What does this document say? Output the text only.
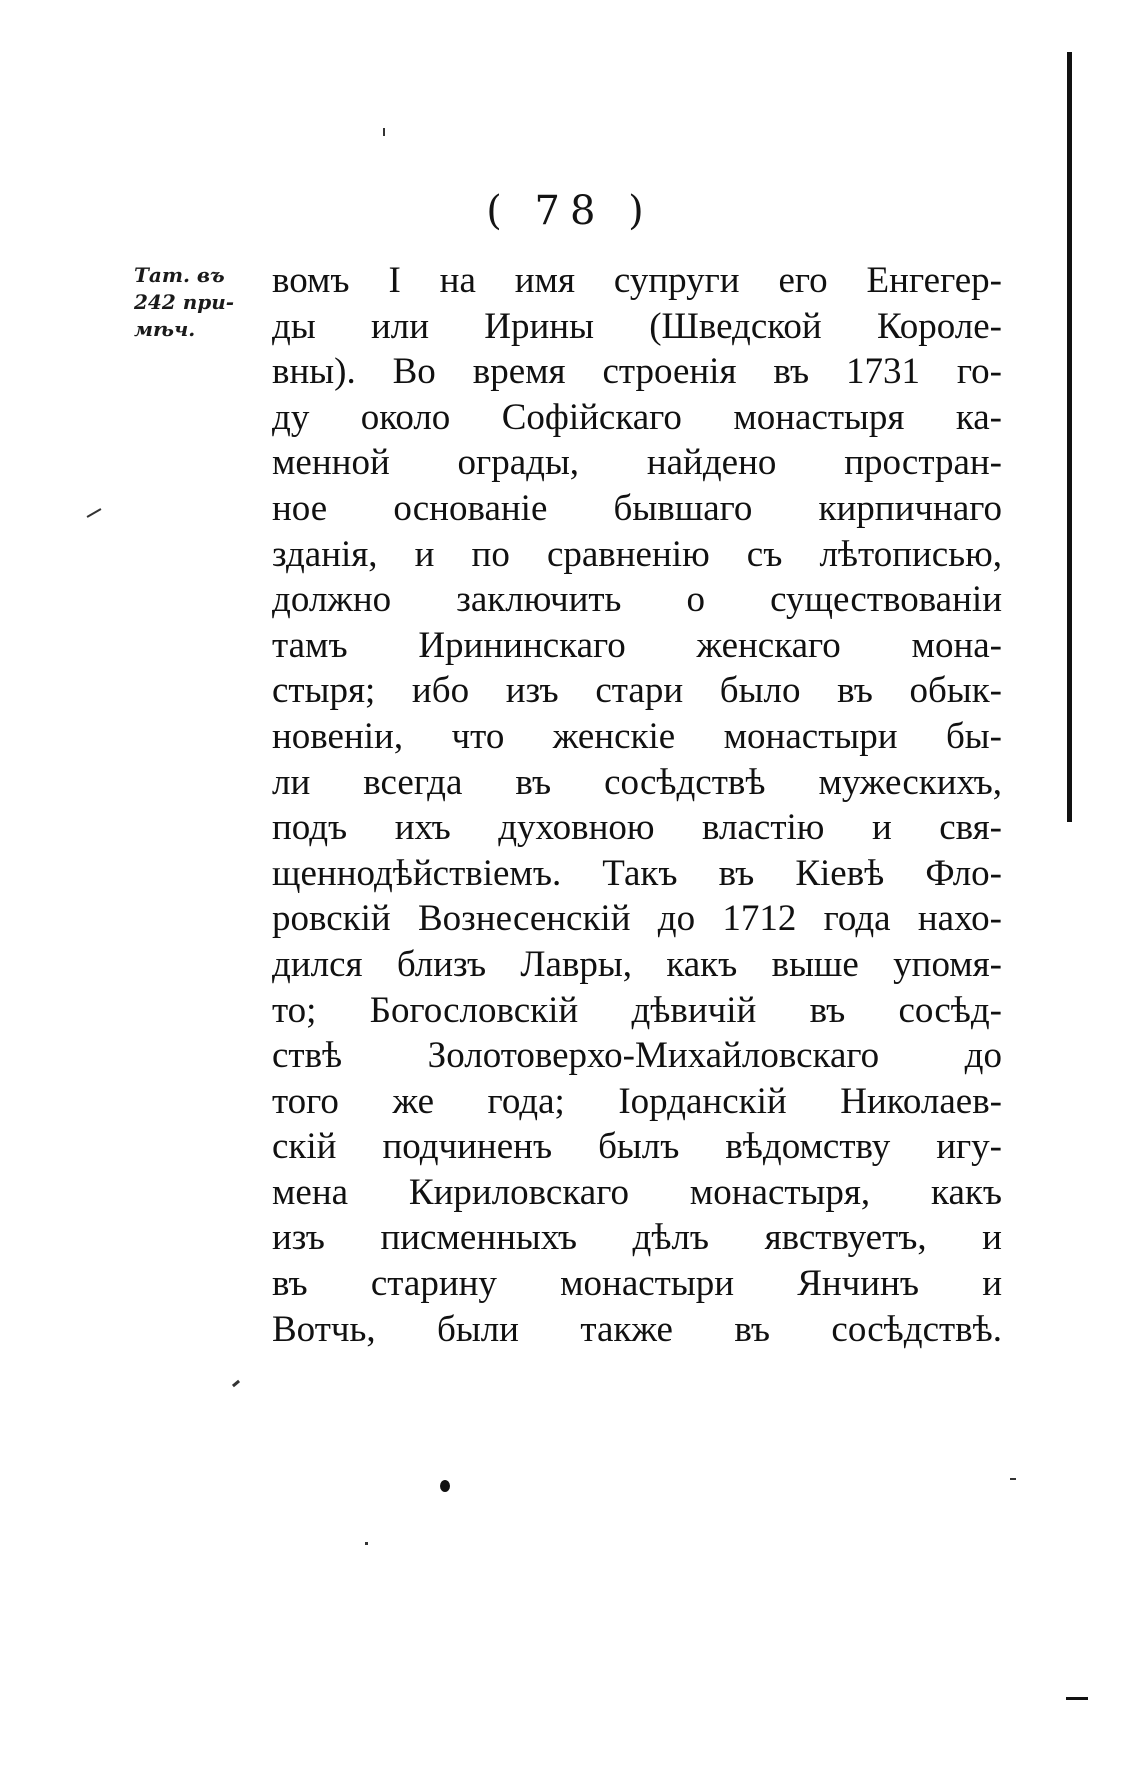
( 78 )
Тат. въ
242 при-
мѣч.
вомъ I на имя супруги его Енгегер-
ды или Ирины (Шведской Короле-
вны). Во время строенія въ 1731 го-
ду около Софійскаго монастыря ка-
менной ограды, найдено простран-
ное основаніе бывшаго кирпичнаго
зданія, и по сравненію съ лѣтописью,
должно заключить о существованіи
тамъ Ирининскаго женскаго мона-
стыря; ибо изъ стари было въ обык-
новеніи, что женскіе монастыри бы-
ли всегда въ сосѣдствѣ мужескихъ,
подъ ихъ духовною властію и свя-
щеннодѣйствіемъ. Такъ въ Кіевѣ Фло-
ровскій Вознесенскій до 1712 года нахо-
дился близъ Лавры, какъ выше упомя-
то; Богословскій дѣвичій въ сосѣд-
ствѣ Золотоверхо-Михайловскаго до
того же года; Іорданскій Николаев-
скій подчиненъ былъ вѣдомству игу-
мена Кириловскаго монастыря, какъ
изъ писменныхъ дѣлъ явствуетъ, и
въ старину монастыри Янчинъ и
Вотчь, были также въ сосѣдствѣ.
